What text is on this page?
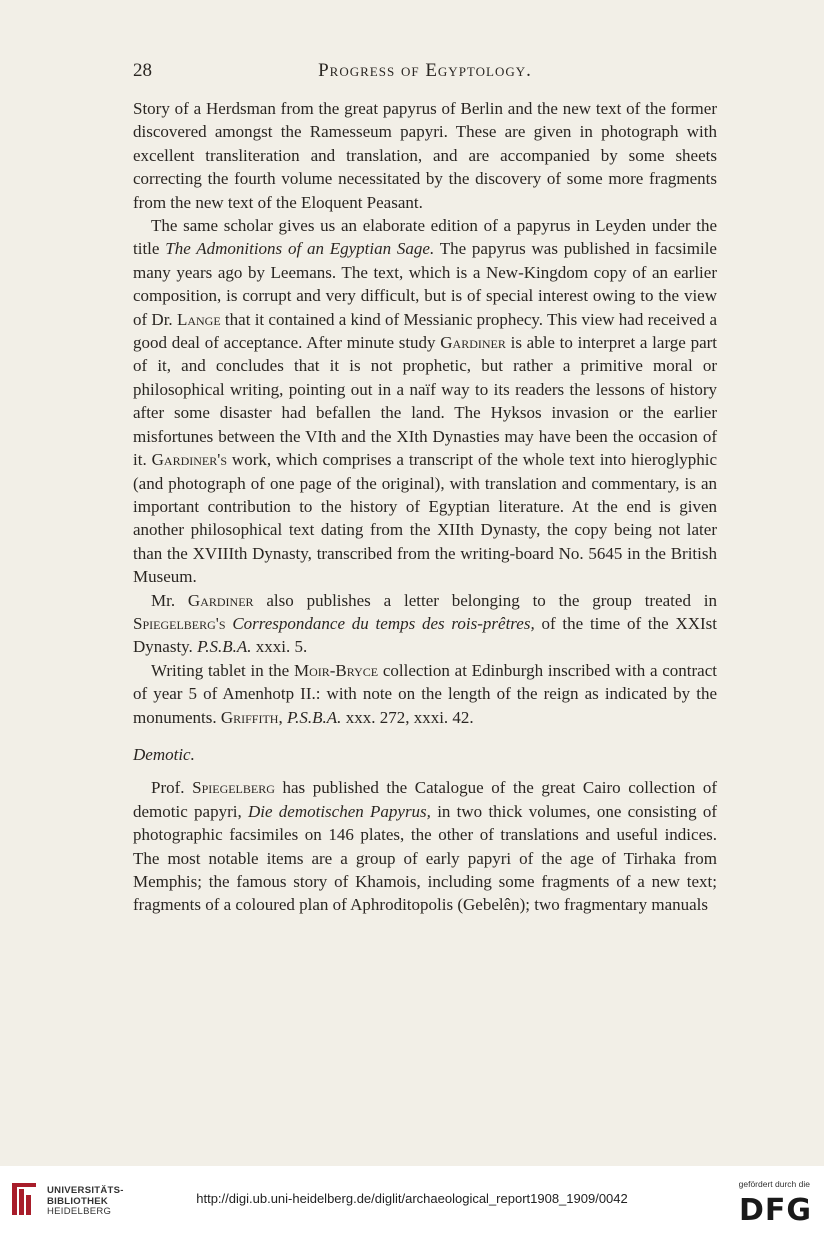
28	Progress of Egyptology.

Story of a Herdsman from the great papyrus of Berlin and the new text of the former discovered amongst the Ramesseum papyri. These are given in photograph with excellent transliteration and translation, and are accompanied by some sheets correcting the fourth volume necessitated by the discovery of some more fragments from the new text of the Eloquent Peasant.

The same scholar gives us an elaborate edition of a papyrus in Leyden under the title The Admonitions of an Egyptian Sage. The papyrus was published in facsimile many years ago by Leemans. The text, which is a New-Kingdom copy of an earlier composition, is corrupt and very difficult, but is of special interest owing to the view of Dr. Lange that it contained a kind of Messianic prophecy. This view had received a good deal of acceptance. After minute study Gardiner is able to interpret a large part of it, and concludes that it is not prophetic, but rather a primitive moral or philosophical writing, pointing out in a naïf way to its readers the lessons of history after some disaster had befallen the land. The Hyksos invasion or the earlier misfortunes between the VIth and the XIth Dynasties may have been the occasion of it. Gardiner's work, which comprises a transcript of the whole text into hieroglyphic (and photograph of one page of the original), with translation and commentary, is an important contribution to the history of Egyptian literature. At the end is given another philosophical text dating from the XIIth Dynasty, the copy being not later than the XVIIIth Dynasty, transcribed from the writing-board No. 5645 in the British Museum.

Mr. Gardiner also publishes a letter belonging to the group treated in Spiegelberg's Correspondance du temps des rois-prêtres, of the time of the XXIst Dynasty. P.S.B.A. xxxi. 5.

Writing tablet in the Moir-Bryce collection at Edinburgh inscribed with a contract of year 5 of Amenhotp II.: with note on the length of the reign as indicated by the monuments. Griffith, P.S.B.A. xxx. 272, xxxi. 42.

Demotic.

Prof. Spiegelberg has published the Catalogue of the great Cairo collection of demotic papyri, Die demotischen Papyrus, in two thick volumes, one consisting of photographic facsimiles on 146 plates, the other of translations and useful indices. The most notable items are a group of early papyri of the age of Tirhaka from Memphis; the famous story of Khamois, including some fragments of a new text; fragments of a coloured plan of Aphroditopolis (Gebelên); two fragmentary manuals

UNIVERSITÄTS-
BIBLIOTHEK
HEIDELBERG
http://digi.ub.uni-heidelberg.de/diglit/archaeological_report1908_1909/0042
gefördert durch die
DFG
